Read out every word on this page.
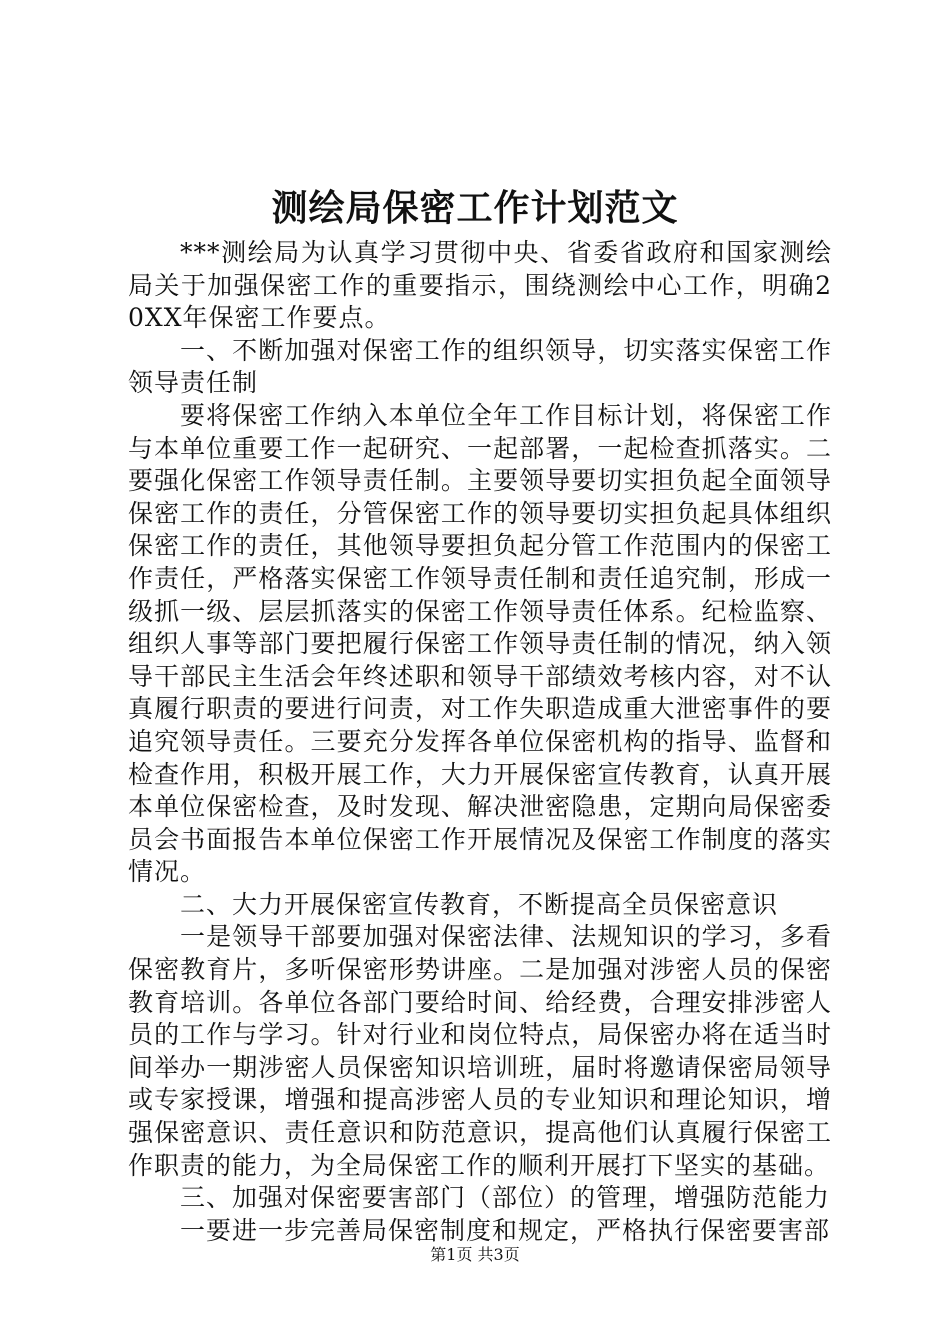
测绘局保密工作计划范文

***测绘局为认真学习贯彻中央、省委省政府和国家测绘局关于加强保密工作的重要指示，围绕测绘中心工作，明确20XX年保密工作要点。

一、不断加强对保密工作的组织领导，切实落实保密工作领导责任制

要将保密工作纳入本单位全年工作目标计划，将保密工作与本单位重要工作一起研究、一起部署，一起检查抓落实。二要强化保密工作领导责任制。主要领导要切实担负起全面领导保密工作的责任，分管保密工作的领导要切实担负起具体组织保密工作的责任，其他领导要担负起分管工作范围内的保密工作责任，严格落实保密工作领导责任制和责任追究制，形成一级抓一级、层层抓落实的保密工作领导责任体系。纪检监察、组织人事等部门要把履行保密工作领导责任制的情况，纳入领导干部民主生活会年终述职和领导干部绩效考核内容，对不认真履行职责的要进行问责，对工作失职造成重大泄密事件的要追究领导责任。三要充分发挥各单位保密机构的指导、监督和检查作用，积极开展工作，大力开展保密宣传教育，认真开展本单位保密检查，及时发现、解决泄密隐患，定期向局保密委员会书面报告本单位保密工作开展情况及保密工作制度的落实情况。

二、大力开展保密宣传教育，不断提高全员保密意识

一是领导干部要加强对保密法律、法规知识的学习，多看保密教育片，多听保密形势讲座。二是加强对涉密人员的保密教育培训。各单位各部门要给时间、给经费，合理安排涉密人员的工作与学习。针对行业和岗位特点，局保密办将在适当时间举办一期涉密人员保密知识培训班，届时将邀请保密局领导或专家授课，增强和提高涉密人员的专业知识和理论知识，增强保密意识、责任意识和防范意识，提高他们认真履行保密工作职责的能力，为全局保密工作的顺利开展打下坚实的基础。

三、加强对保密要害部门（部位）的管理，增强防范能力

一要进一步完善局保密制度和规定，严格执行保密要害部

第1页 共3页
